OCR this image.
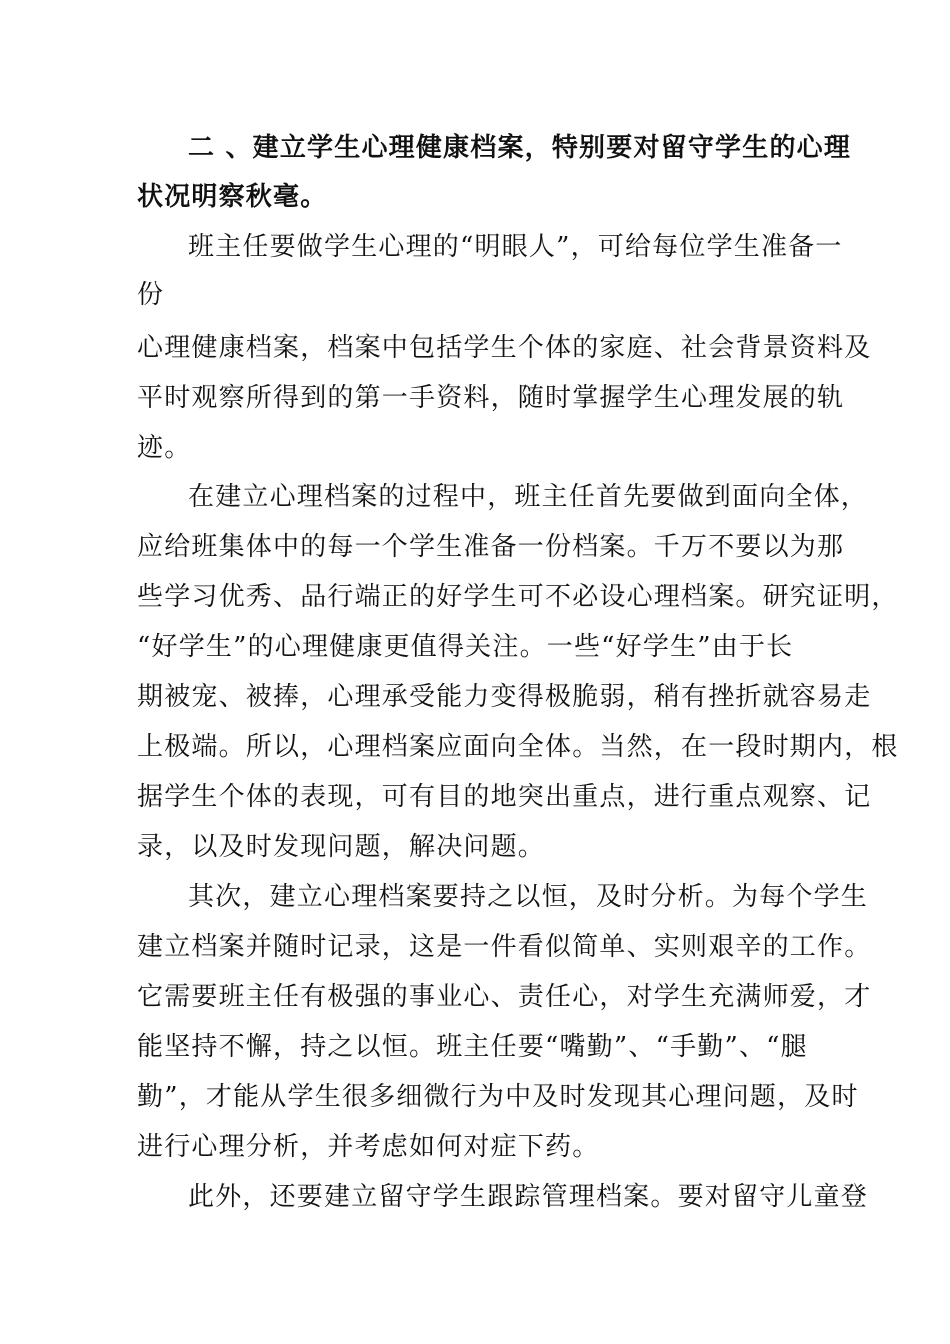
二 、建立学生心理健康档案，特别要对留守学生的心理
状况明察秋毫。
班主任要做学生心理的“明眼人”，可给每位学生准备一
份
心理健康档案，档案中包括学生个体的家庭、社会背景资料及
平时观察所得到的第一手资料，随时掌握学生心理发展的轨
迹。
在建立心理档案的过程中，班主任首先要做到面向全体，
应给班集体中的每一个学生准备一份档案。千万不要以为那
些学习优秀、品行端正的好学生可不必设心理档案。研究证明，
“好学生”的心理健康更值得关注。一些“好学生”由于长
期被宠、被捧，心理承受能力变得极脆弱，稍有挫折就容易走
上极端。所以，心理档案应面向全体。当然，在一段时期内，根
据学生个体的表现，可有目的地突出重点，进行重点观察、记
录，以及时发现问题，解决问题。
其次，建立心理档案要持之以恒，及时分析。为每个学生
建立档案并随时记录，这是一件看似简单、实则艰辛的工作。
它需要班主任有极强的事业心、责任心，对学生充满师爱，才
能坚持不懈，持之以恒。班主任要“嘴勤”、“手勤”、“腿
勤”，才能从学生很多细微行为中及时发现其心理问题，及时
进行心理分析，并考虑如何对症下药。
此外，还要建立留守学生跟踪管理档案。要对留守儿童登
